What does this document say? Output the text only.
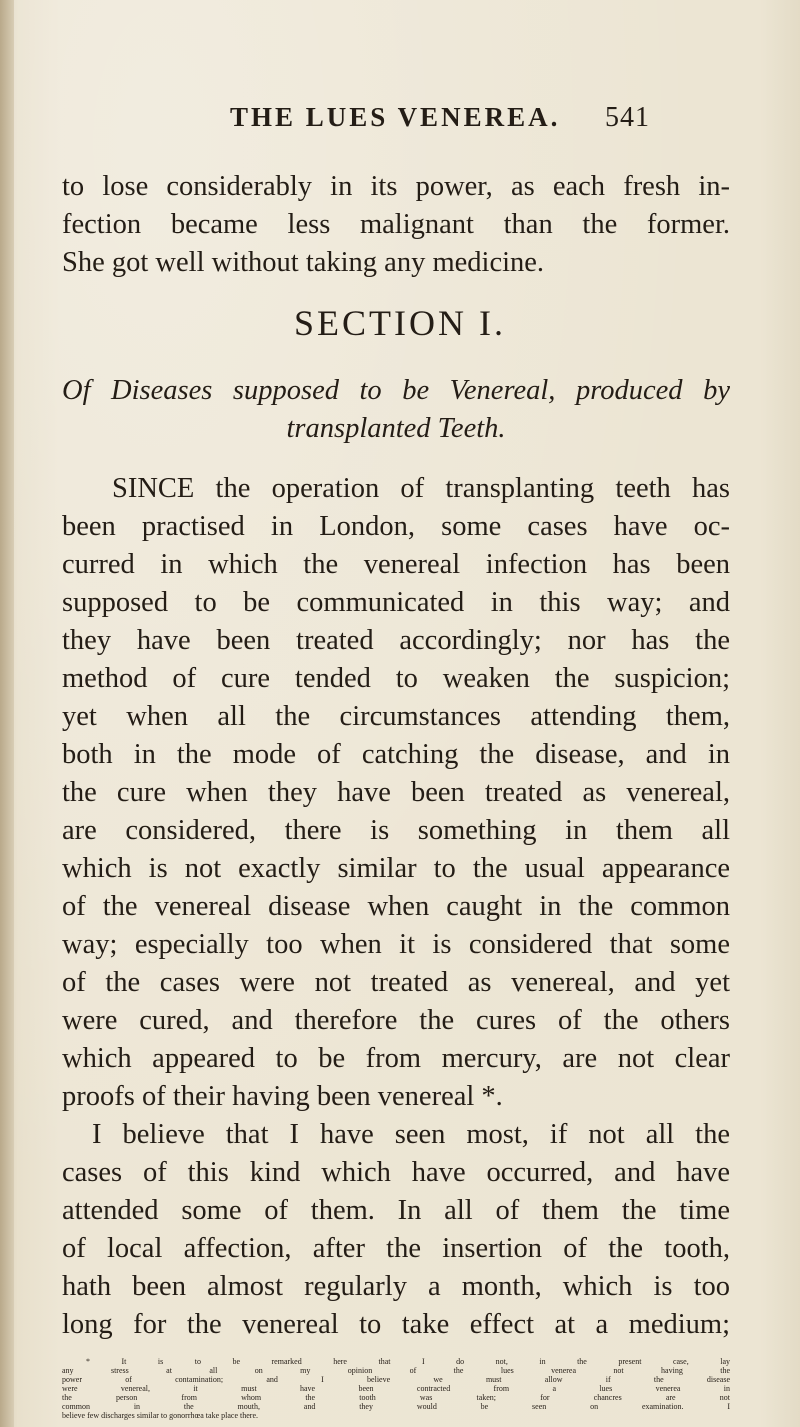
THE LUES VENEREA. 541
to lose considerably in its power, as each fresh in-
fection became less malignant than the former.
She got well without taking any medicine.
SECTION I.
Of Diseases supposed to be Venereal, produced by
transplanted Teeth.
SINCE the operation of transplanting teeth has
been practised in London, some cases have oc-
curred in which the venereal infection has been
supposed to be communicated in this way; and
they have been treated accordingly; nor has the
method of cure tended to weaken the suspicion;
yet when all the circumstances attending them,
both in the mode of catching the disease, and in
the cure when they have been treated as venereal,
are considered, there is something in them all
which is not exactly similar to the usual appearance
of the venereal disease when caught in the common
way; especially too when it is considered that some
of the cases were not treated as venereal, and yet
were cured, and therefore the cures of the others
which appeared to be from mercury, are not clear
proofs of their having been venereal *.
I believe that I have seen most, if not all the
cases of this kind which have occurred, and have
attended some of them. In all of them the time
of local affection, after the insertion of the tooth,
hath been almost regularly a month, which is too
long for the venereal to take effect at a medium;
* It is to be remarked here that I do not, in the present case, lay
any stress at all on my opinion of the lues venerea not having the
power of contamination; and I believe we must allow if the disease
were venereal, it must have been contracted from a lues venerea in
the person from whom the tooth was taken; for chancres are not
common in the mouth, and they would be seen on examination. I
believe few discharges similar to gonorrhœa take place there.
